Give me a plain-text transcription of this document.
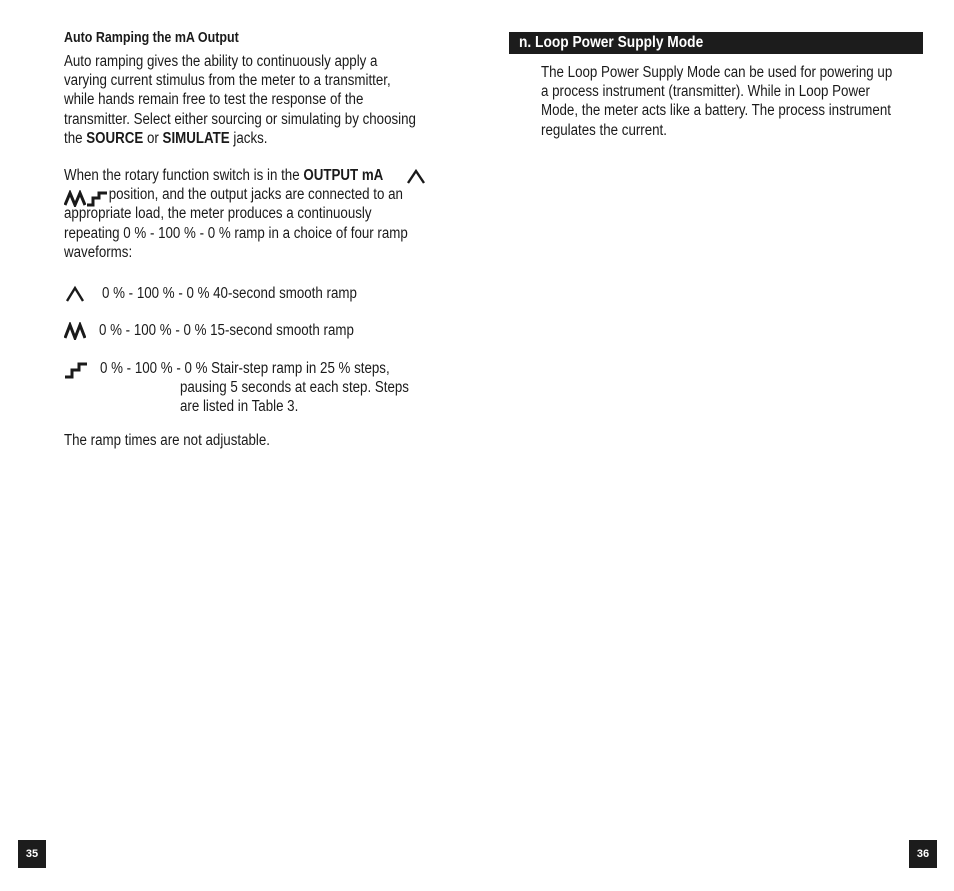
Auto Ramping the mA Output
Auto ramping gives the ability to continuously apply a
varying current stimulus from the meter to a transmitter,
while hands remain free to test the response of the
transmitter. Select either sourcing or simulating by choosing
the SOURCE or SIMULATE jacks.
When the rotary function switch is in the OUTPUT mA
position, and the output jacks are connected to an
appropriate load, the meter produces a continuously
repeating 0 % - 100 % - 0 % ramp in a choice of four ramp
waveforms:
0 % - 100 % - 0 % 40-second smooth ramp
0 % - 100 % - 0 % 15-second smooth ramp
0 % - 100 % - 0 % Stair-step ramp in 25 % steps,
pausing 5 seconds at each step. Steps
are listed in Table 3.
The ramp times are not adjustable.
35
n. Loop Power Supply Mode
The Loop Power Supply Mode can be used for powering up
a process instrument (transmitter). While in Loop Power
Mode, the meter acts like a battery. The process instrument
regulates the current.
36
